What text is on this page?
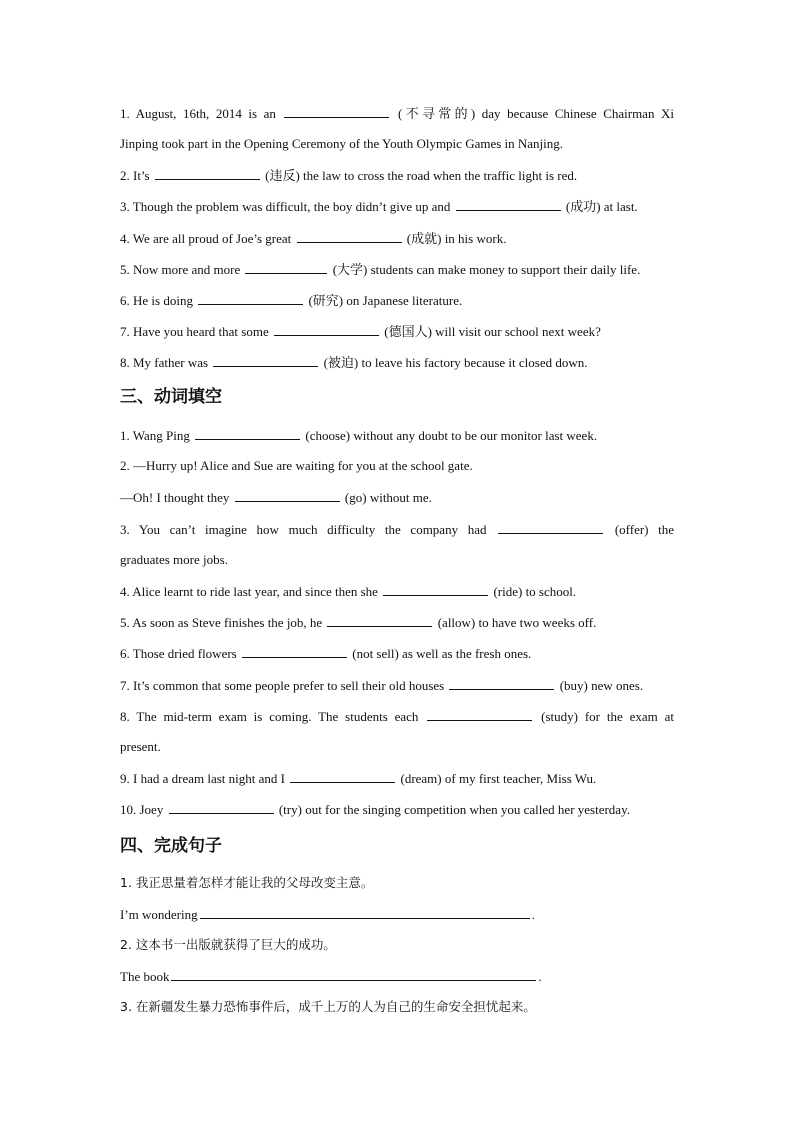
1. August, 16th, 2014 is an	(不寻常的) day because Chinese Chairman Xi
Jinping took part in the Opening Ceremony of the Youth Olympic Games in Nanjing.
2. It’s	(违反) the law to cross the road when the traffic light is red.
3. Though the problem was difficult, the boy didn’t give up and	(成功) at last.
4. We are all proud of Joe’s great	(成就) in his work.
5. Now more and more	(大学) students can make money to support their daily life.
6. He is doing	(研究) on Japanese literature.
7. Have you heard that some	(德国人) will visit our school next week?
8. My father was	(被迫) to leave his factory because it closed down.
三、动词填空
1. Wang Ping	(choose) without any doubt to be our monitor last week.
2. —Hurry up! Alice and Sue are waiting for you at the school gate.
—Oh! I thought they	(go) without me.
3. You can’t imagine how much difficulty the company had	(offer) the
graduates more jobs.
4. Alice learnt to ride last year, and since then she	(ride) to school.
5. As soon as Steve finishes the job, he	(allow) to have two weeks off.
6. Those dried flowers	(not sell) as well as the fresh ones.
7. It’s common that some people prefer to sell their old houses	(buy) new ones.
8. The mid-term exam is coming. The students each	(study) for the exam at
present.
9. I had a dream last night and I	(dream) of my first teacher, Miss Wu.
10. Joey	(try) out for the singing competition when you called her yesterday.
四、完成句子
1. 我正思量着怎样才能让我的父母改变主意。
I’m wondering	.
2. 这本书一出版就获得了巨大的成功。
The book	.
3. 在新疆发生暴力恐怖事件后，成千上万的人为自己的生命安全担忧起来。
